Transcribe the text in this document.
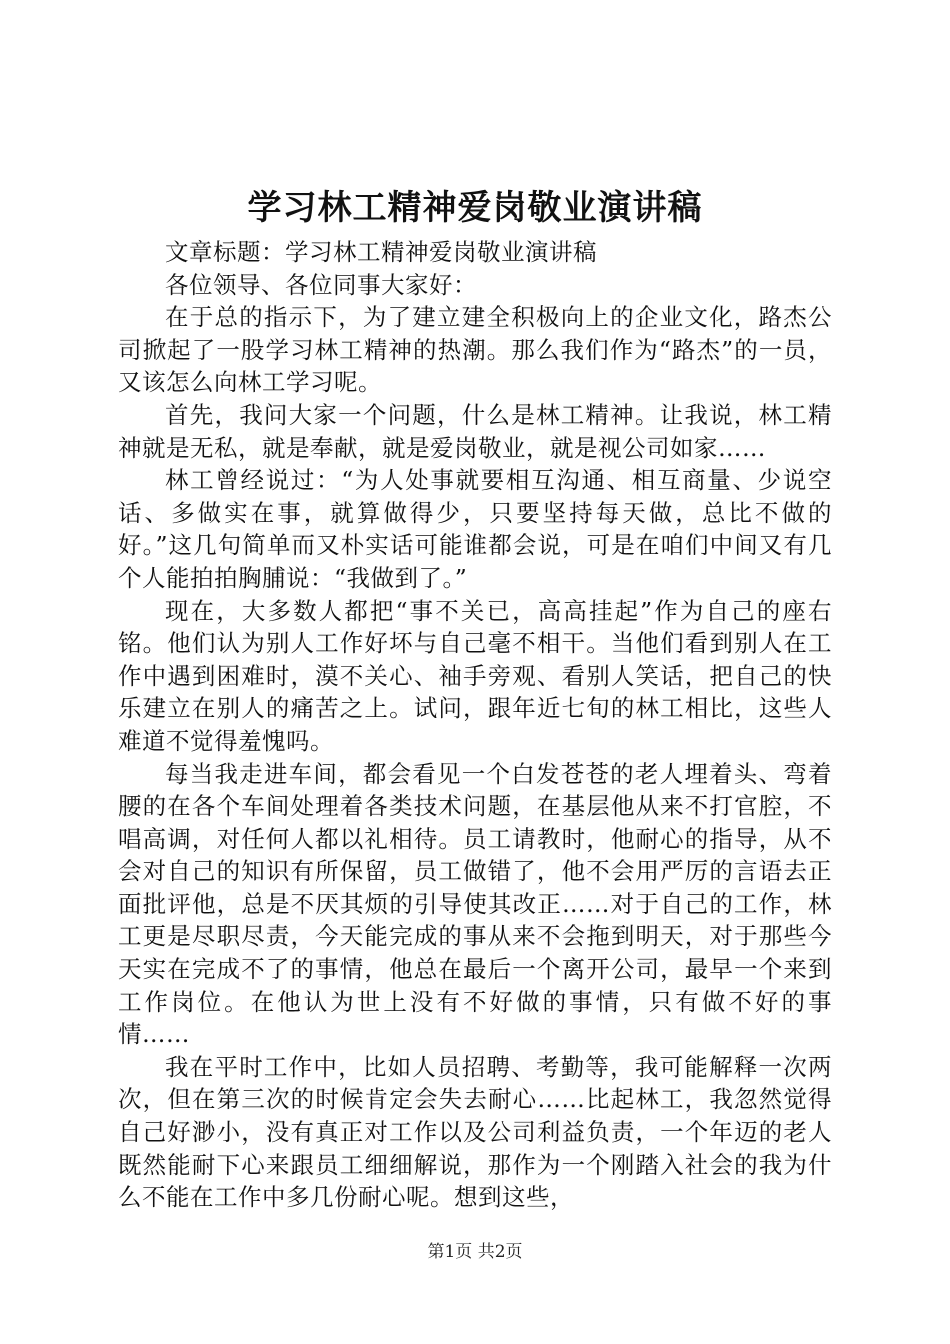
学习林工精神爱岗敬业演讲稿

文章标题：学习林工精神爱岗敬业演讲稿

各位领导、各位同事大家好：

在于总的指示下，为了建立建全积极向上的企业文化，路杰公司掀起了一股学习林工精神的热潮。那么我们作为“路杰”的一员，又该怎么向林工学习呢。

首先，我问大家一个问题，什么是林工精神。让我说，林工精神就是无私，就是奉献，就是爱岗敬业，就是视公司如家……

林工曾经说过：“为人处事就要相互沟通、相互商量、少说空话、多做实在事，就算做得少，只要坚持每天做，总比不做的好。”这几句简单而又朴实话可能谁都会说，可是在咱们中间又有几个人能拍拍胸脯说：“我做到了。”

现在，大多数人都把“事不关已，高高挂起”作为自己的座右铭。他们认为别人工作好坏与自己毫不相干。当他们看到别人在工作中遇到困难时，漠不关心、袖手旁观、看别人笑话，把自己的快乐建立在别人的痛苦之上。试问，跟年近七旬的林工相比，这些人难道不觉得羞愧吗。

每当我走进车间，都会看见一个白发苍苍的老人埋着头、弯着腰的在各个车间处理着各类技术问题，在基层他从来不打官腔，不唱高调，对任何人都以礼相待。员工请教时，他耐心的指导，从不会对自己的知识有所保留，员工做错了，他不会用严厉的言语去正面批评他，总是不厌其烦的引导使其改正……对于自己的工作，林工更是尽职尽责，今天能完成的事从来不会拖到明天，对于那些今天实在完成不了的事情，他总在最后一个离开公司，最早一个来到工作岗位。在他认为世上没有不好做的事情，只有做不好的事情……

我在平时工作中，比如人员招聘、考勤等，我可能解释一次两次，但在第三次的时候肯定会失去耐心……比起林工，我忽然觉得自己好渺小，没有真正对工作以及公司利益负责，一个年迈的老人既然能耐下心来跟员工细细解说，那作为一个刚踏入社会的我为什么不能在工作中多几份耐心呢。想到这些，

第1页 共2页
